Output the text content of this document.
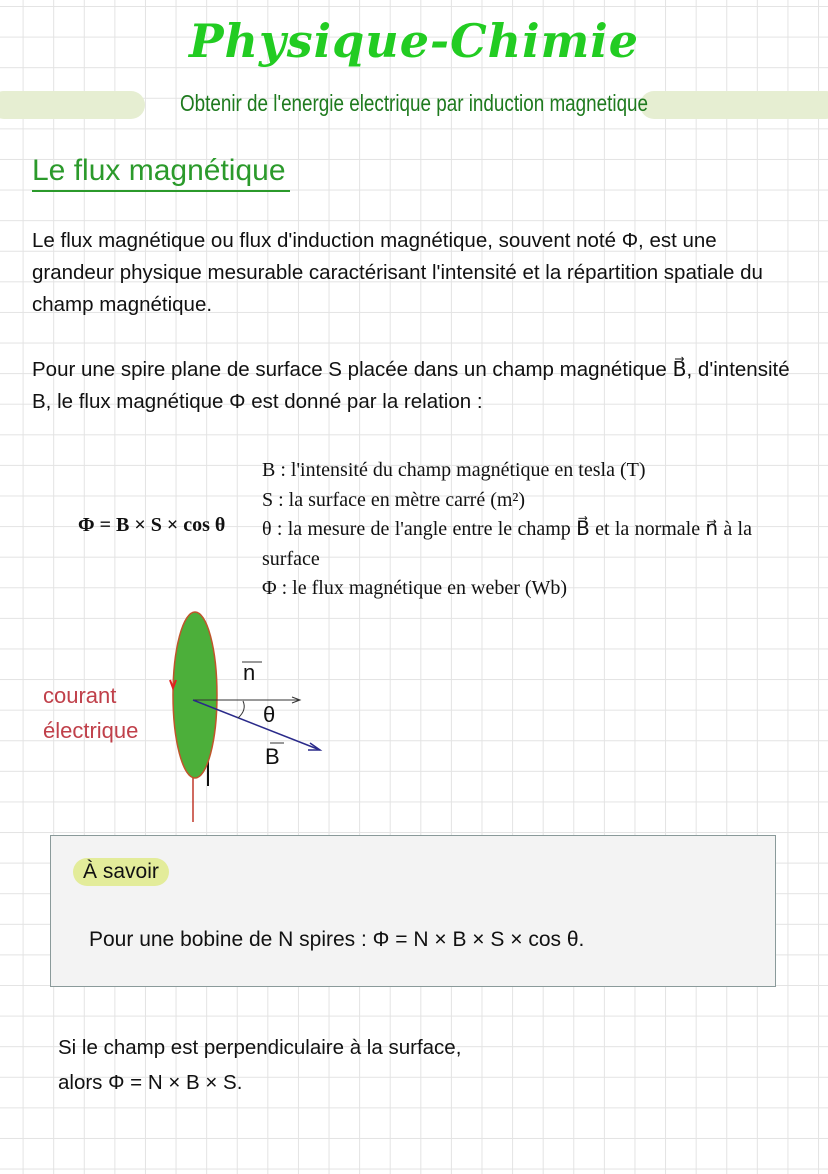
Physique-Chimie
Obtenir de l'energie electrique par induction magnetique
Le flux magnétique
Le flux magnétique ou flux d'induction magnétique, souvent noté Φ, est une grandeur physique mesurable caractérisant l'intensité et la répartition spatiale du champ magnétique.
Pour une spire plane de surface S placée dans un champ magnétique B⃗, d'intensité B, le flux magnétique Φ est donné par la relation :
Φ = B × S × cos θ
B : l'intensité du champ magnétique en tesla (T)
S : la surface en mètre carré (m²)
θ : la mesure de l'angle entre le champ B⃗ et la normale n⃗ à la surface
Φ : le flux magnétique en weber (Wb)
courant
électrique
n
θ
B
À savoir
Pour une bobine de N spires : Φ = N × B × S × cos θ.
Si le champ est perpendiculaire à la surface,
alors Φ = N × B × S.
